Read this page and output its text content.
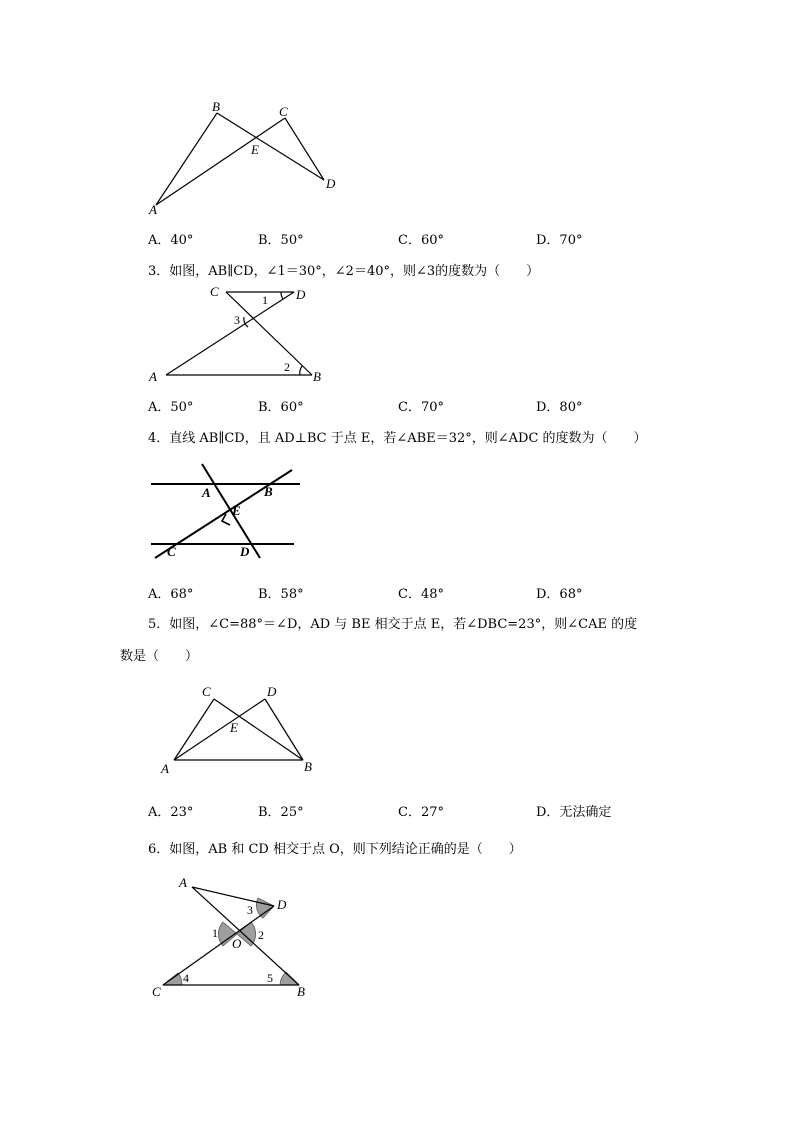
B	C
E
D
A
A．40°	B．50°	C．60°	D．70°
3．如图，AB∥CD，∠1＝30°，∠2＝40°，则∠3的度数为（　　）
C	D
1
3
2
A	B
A．50°	B．60°	C．70°	D．80°
4．直线 AB∥CD，且 AD⊥BC 于点 E，若∠ABE＝32°，则∠ADC 的度数为（　　）
A	B
E
C	D
A．68°	B．58°	C．48°	D．68°
5．如图，∠C=88°＝∠D，AD 与 BE 相交于点 E，若∠DBC=23°，则∠CAE 的度
数是（　　）
C	D
E
A	B
A．23°	B．25°	C．27°	D．无法确定
6．如图，AB 和 CD 相交于点 O，则下列结论正确的是（　　）
A
D
3
1	2
O
4	5
C	B
